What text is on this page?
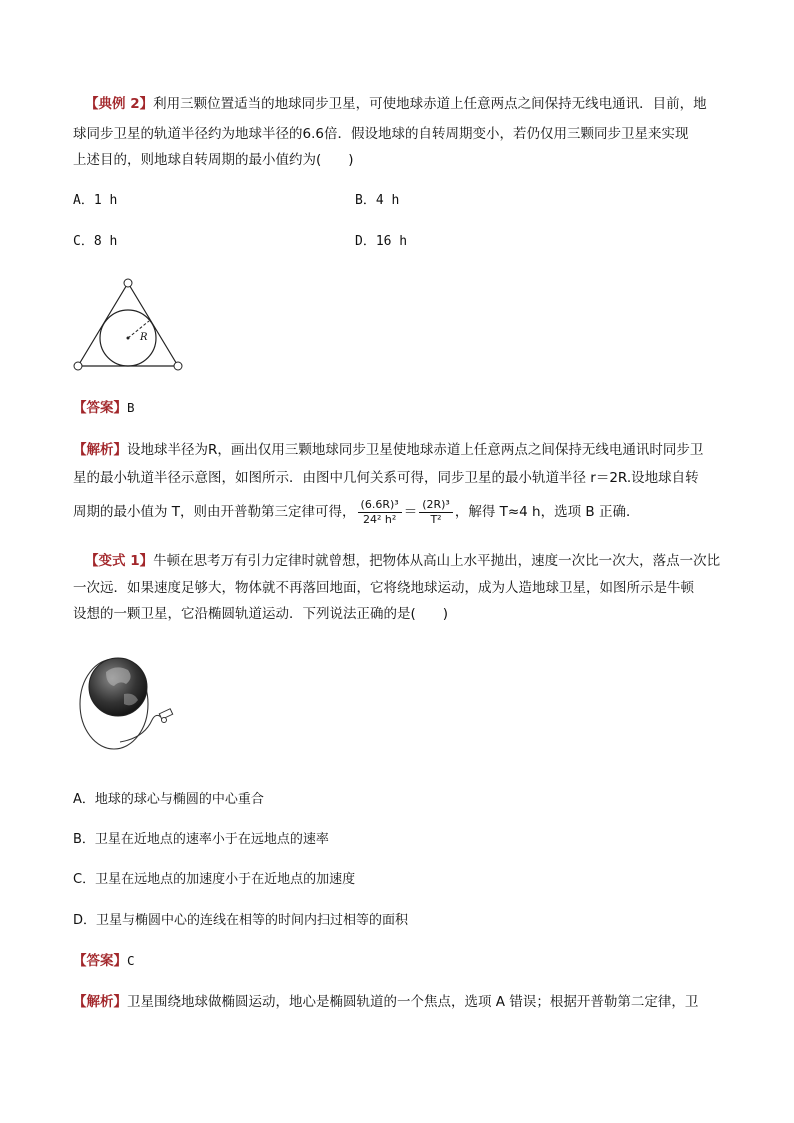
【典例 2】利用三颗位置适当的地球同步卫星，可使地球赤道上任意两点之间保持无线电通讯．目前，地
球同步卫星的轨道半径约为地球半径的6.6倍．假设地球的自转周期变小，若仍仅用三颗同步卫星来实现
上述目的，则地球自转周期的最小值约为(　　)
A．1 h	B．4 h
C．8 h	D．16 h
R
【答案】B
【解析】设地球半径为R，画出仅用三颗地球同步卫星使地球赤道上任意两点之间保持无线电通讯时同步卫
星的最小轨道半径示意图，如图所示．由图中几何关系可得，同步卫星的最小轨道半径 r＝2R.设地球自转
周期的最小值为 T，则由开普勒第三定律可得， $\frac{\text{(6.6R)³}}{\text{24² h²}} = \frac{\text{(2R)³}}{\text{T²}}$ ，解得 T≈4 h，选项 B 正确．
【变式 1】牛顿在思考万有引力定律时就曾想，把物体从高山上水平抛出，速度一次比一次大，落点一次比
一次远．如果速度足够大，物体就不再落回地面，它将绕地球运动，成为人造地球卫星，如图所示是牛顿
设想的一颗卫星，它沿椭圆轨道运动．下列说法正确的是(　　)
A．地球的球心与椭圆的中心重合
B．卫星在近地点的速率小于在远地点的速率
C．卫星在远地点的加速度小于在近地点的加速度
D．卫星与椭圆中心的连线在相等的时间内扫过相等的面积
【答案】C
【解析】卫星围绕地球做椭圆运动，地心是椭圆轨道的一个焦点，选项 A 错误；根据开普勒第二定律，卫
